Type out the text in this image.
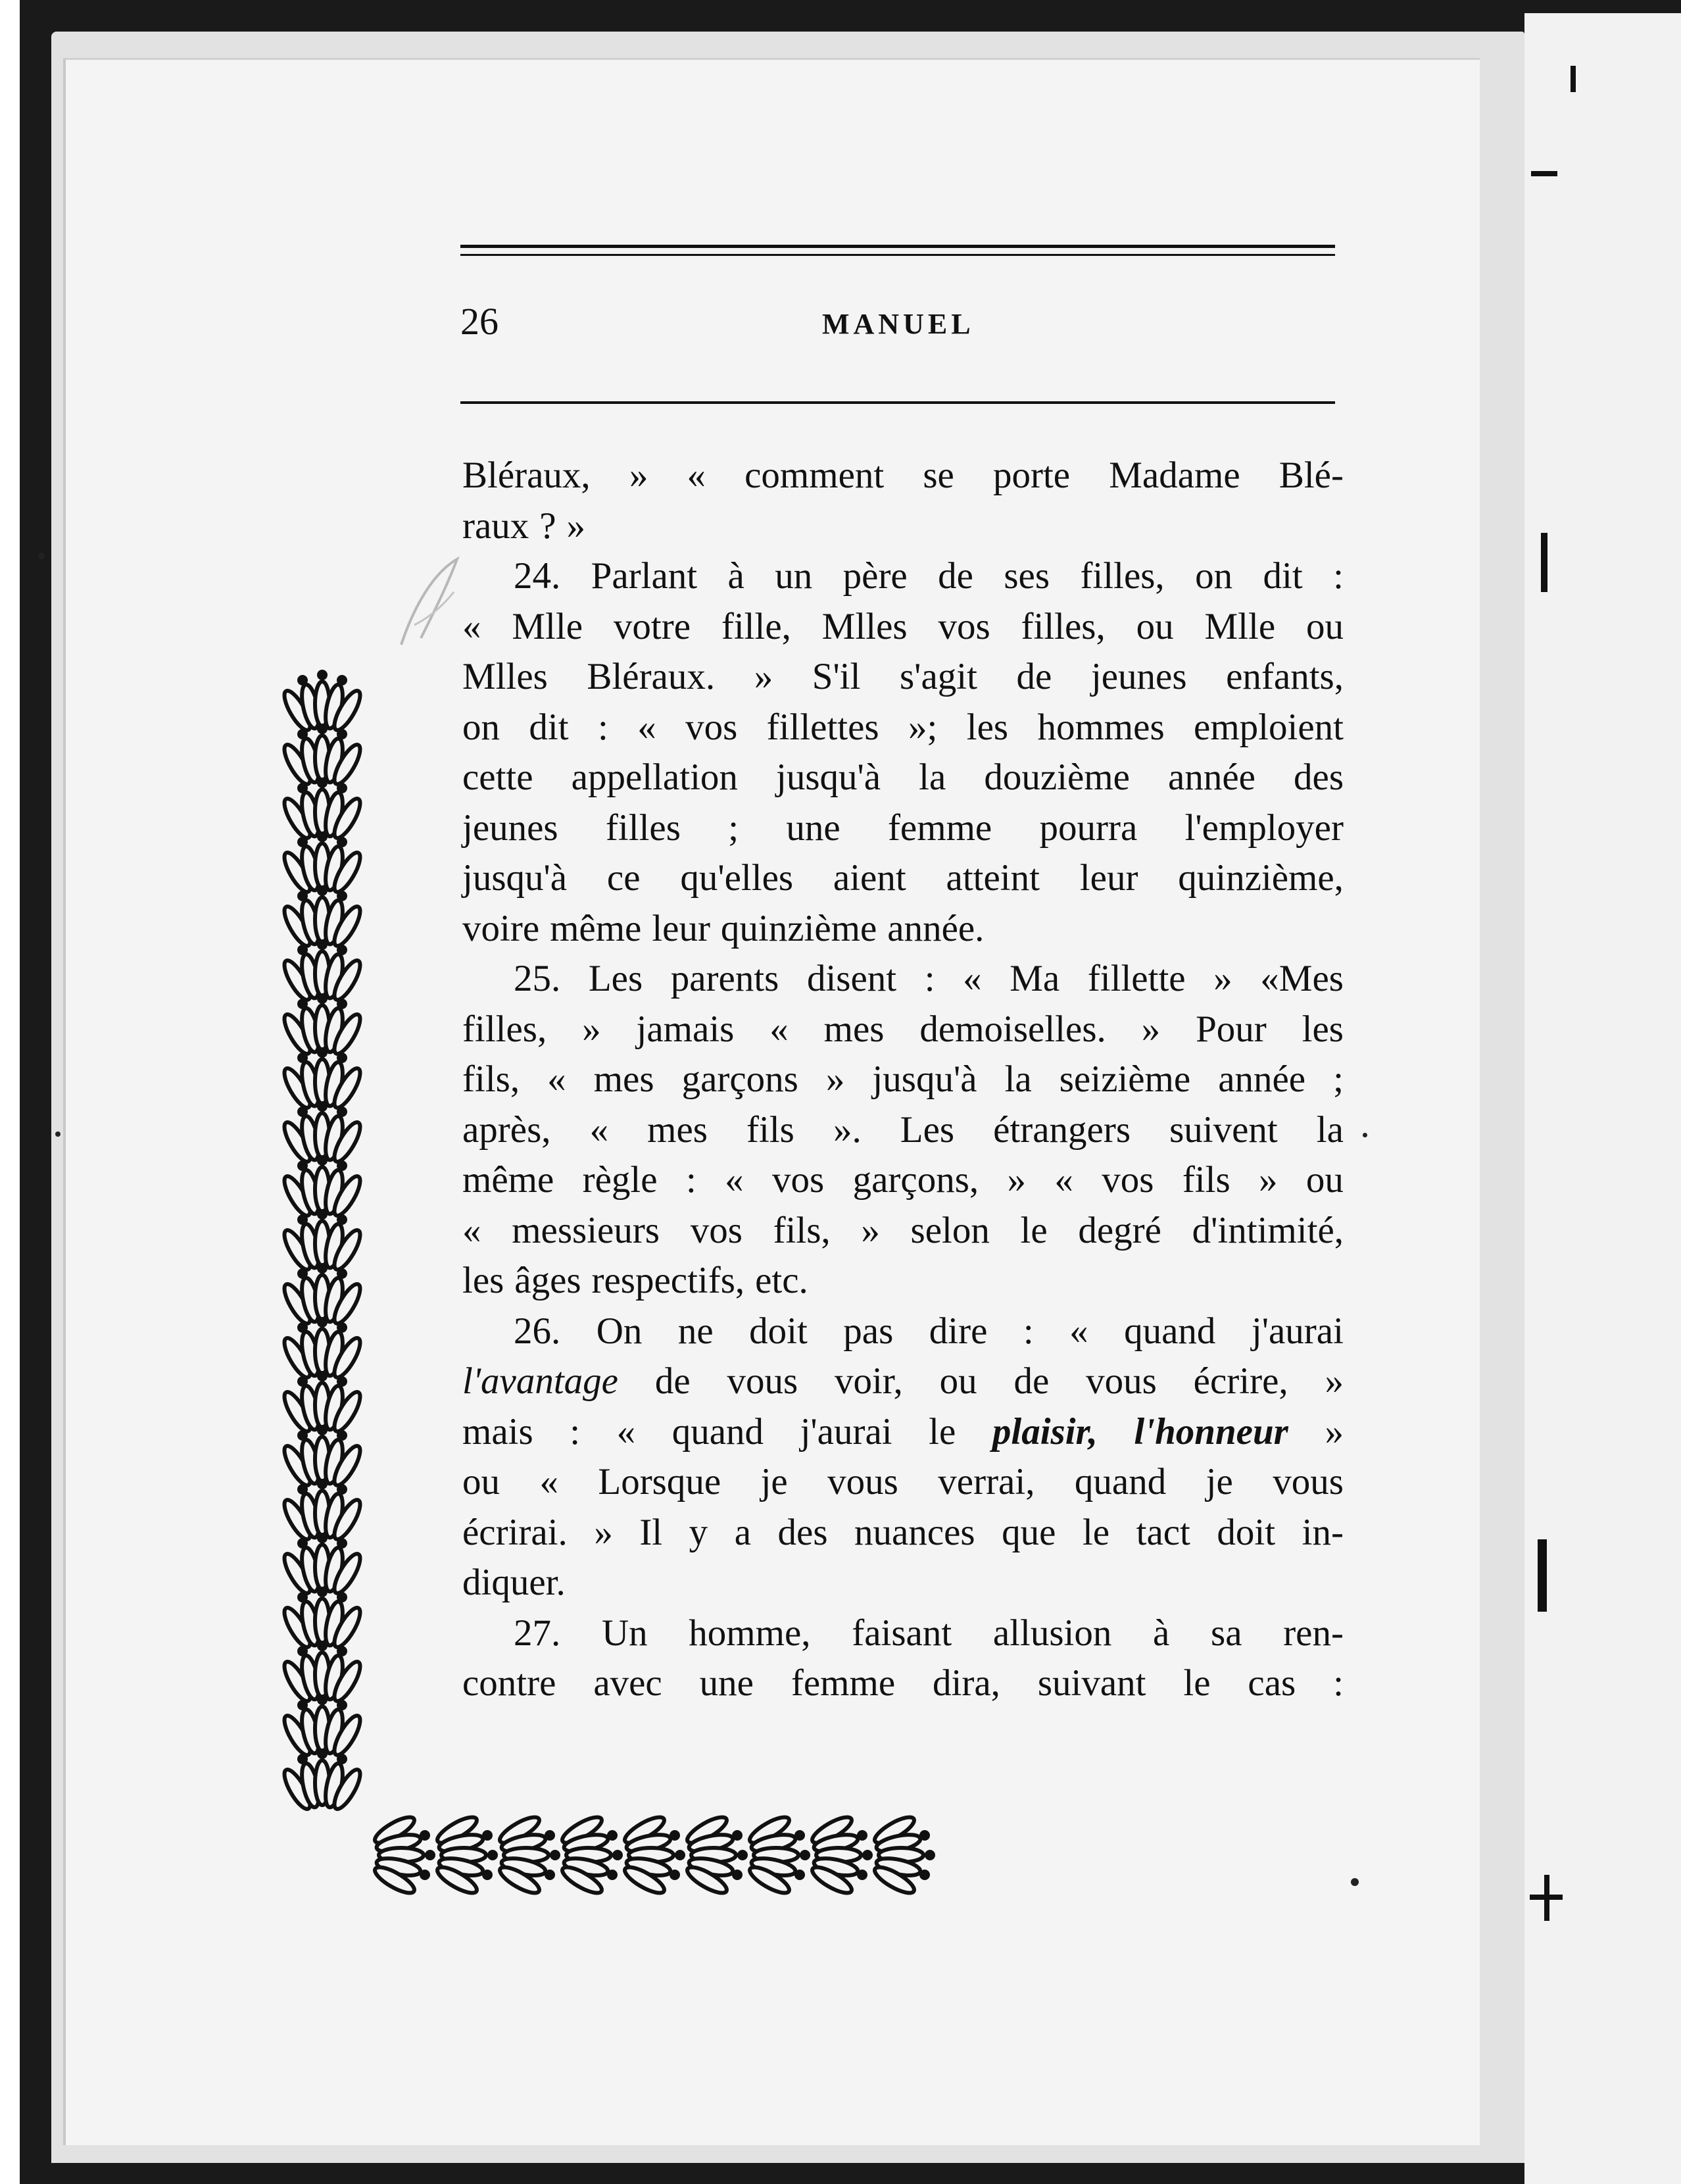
26	MANUEL
Bléraux, » « comment se porte Madame Blé-
raux ? »
24. Parlant à un père de ses filles, on dit :
« Mlle votre fille, Mlles vos filles, ou Mlle ou
Mlles Bléraux. » S'il s'agit de jeunes enfants,
on dit : « vos fillettes »; les hommes emploient
cette appellation jusqu'à la douzième année des
jeunes filles ; une femme pourra l'employer
jusqu'à ce qu'elles aient atteint leur quinzième,
voire même leur quinzième année.
25. Les parents disent : « Ma fillette » «Mes
filles, » jamais « mes demoiselles. » Pour les
fils, « mes garçons » jusqu'à la seizième année ;
après, « mes fils ». Les étrangers suivent la
même règle : « vos garçons, » « vos fils » ou
« messieurs vos fils, » selon le degré d'intimité,
les âges respectifs, etc.
26. On ne doit pas dire : « quand j'aurai
l'avantage de vous voir, ou de vous écrire, »
mais : « quand j'aurai le plaisir, l'honneur »
ou « Lorsque je vous verrai, quand je vous
écrirai. » Il y a des nuances que le tact doit in-
diquer.
27. Un homme, faisant allusion à sa ren-
contre avec une femme dira, suivant le cas :
